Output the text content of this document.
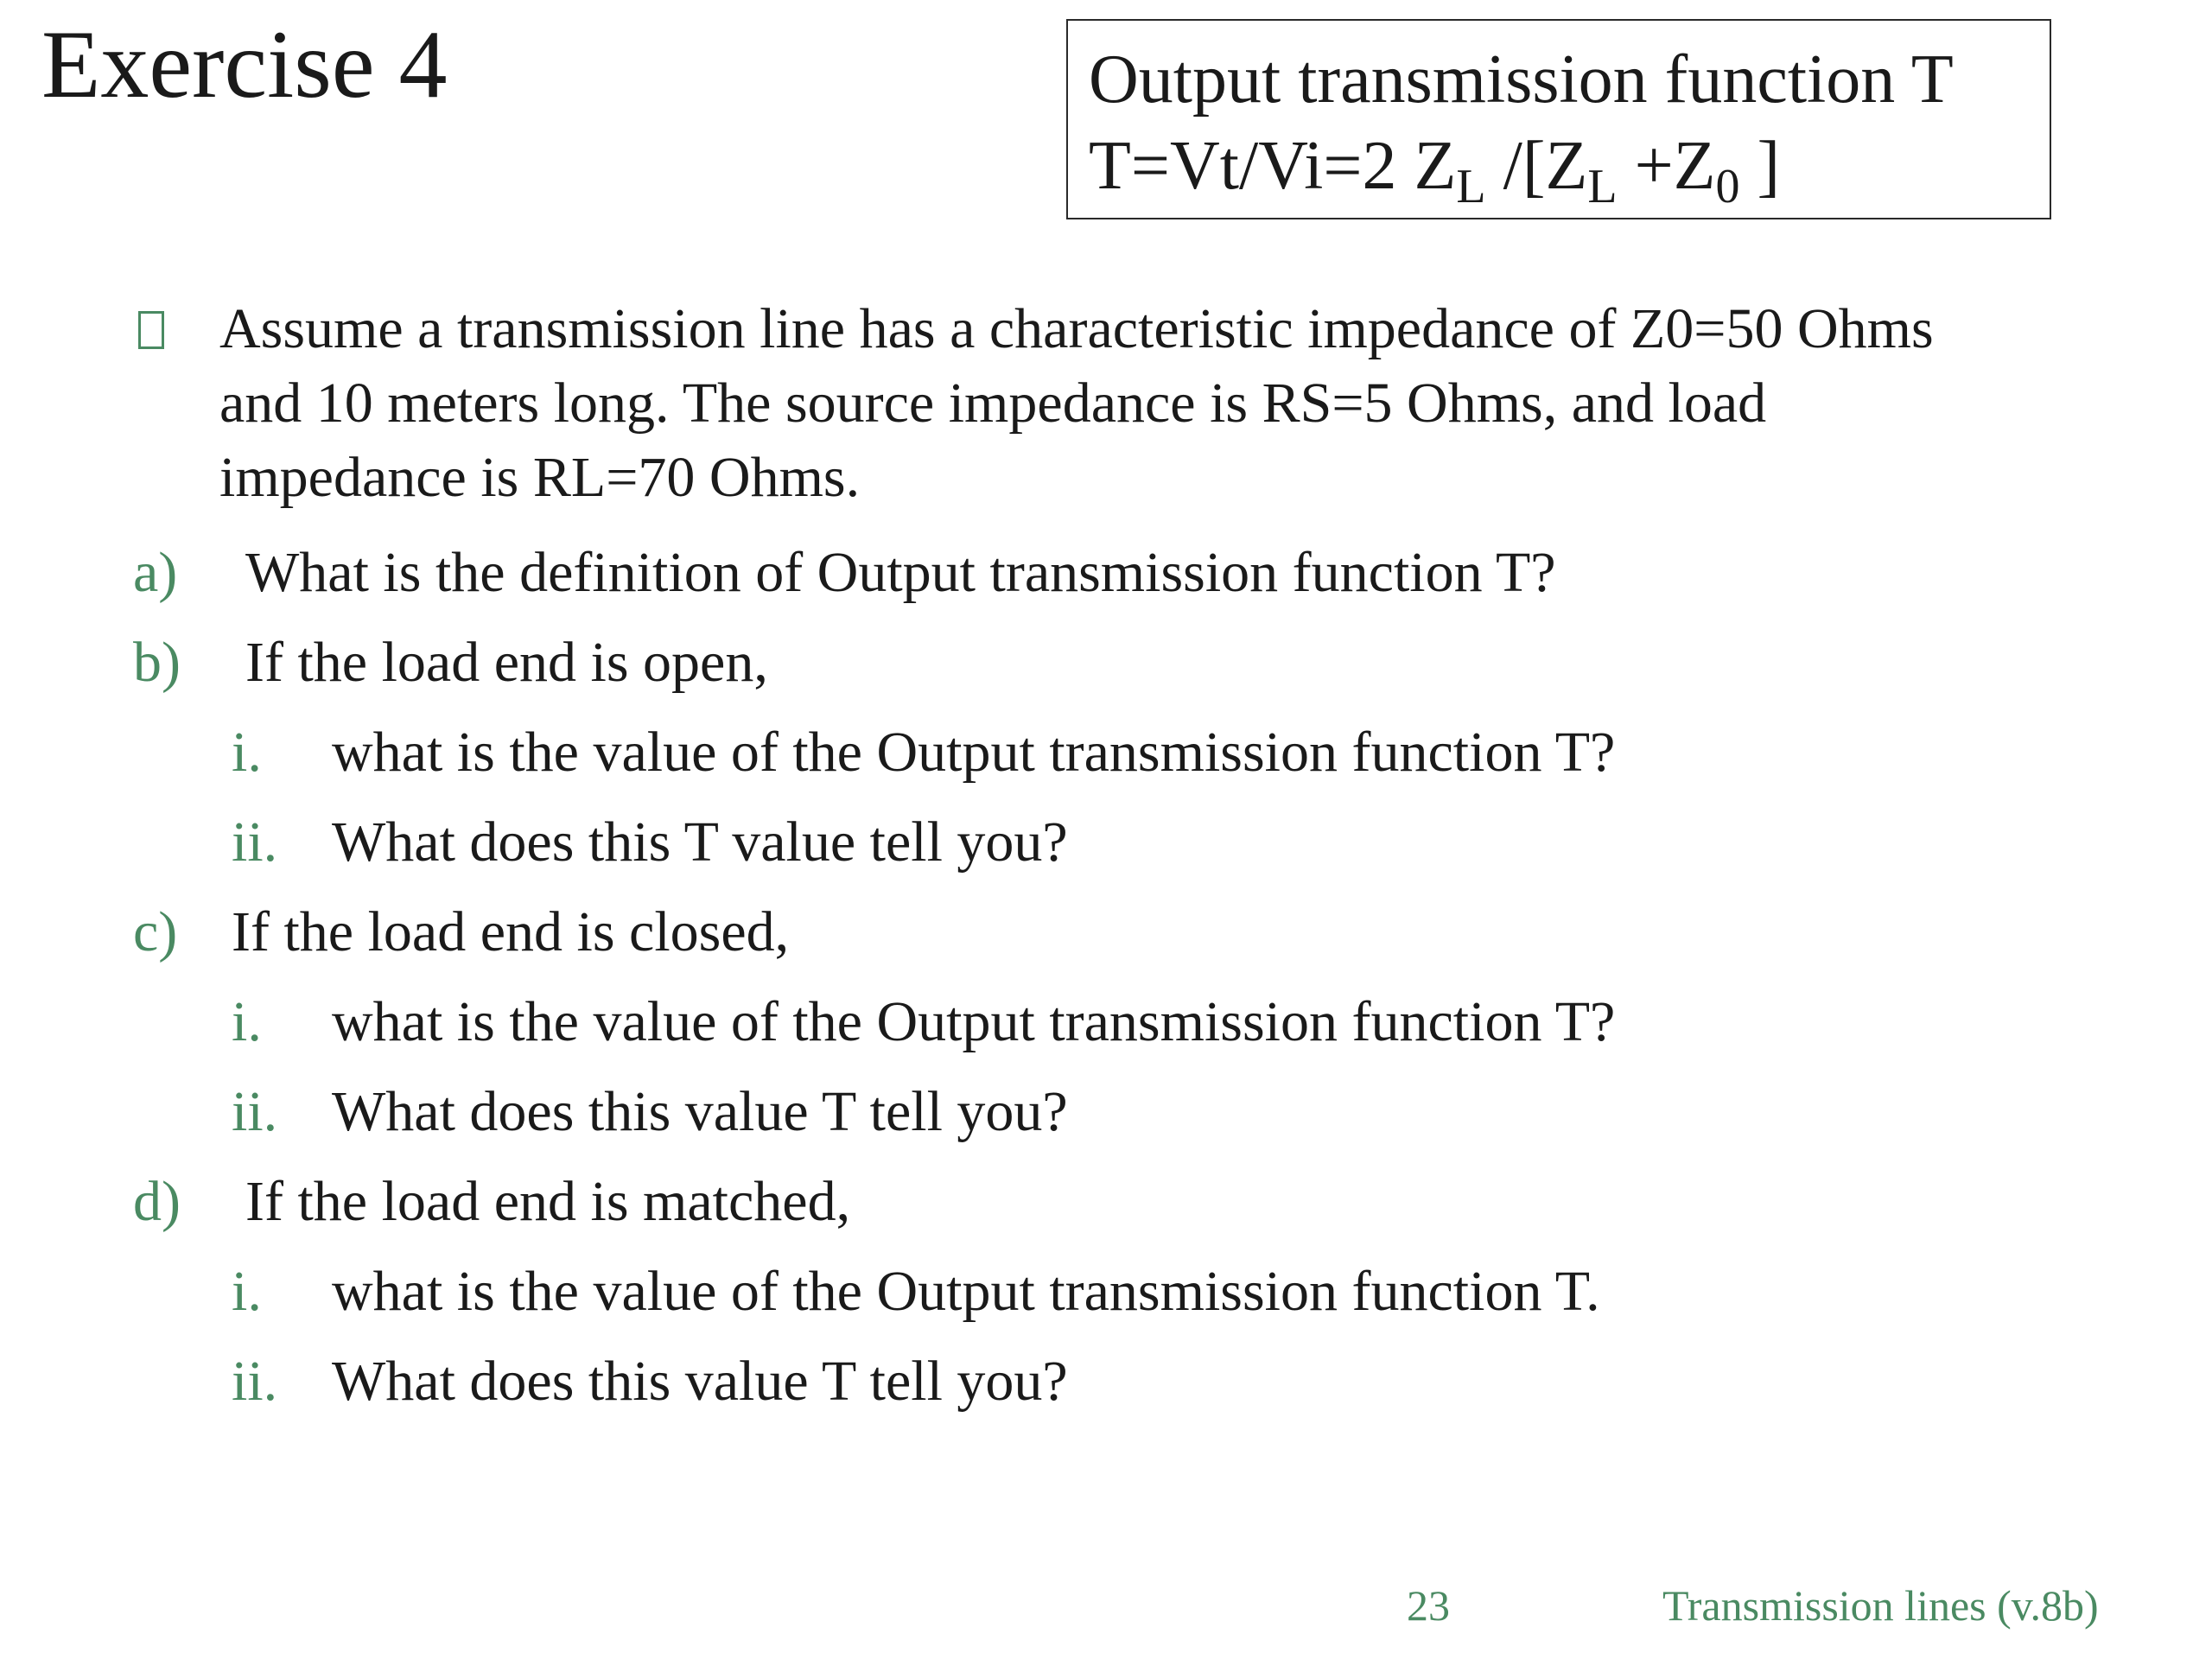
Exercise 4	Output transmission function T
T=Vt/Vi=2 $Z_L$ $/[Z_L +Z_0$ ]
Assume a transmission line has a characteristic impedance of Z0=50 Ohms and 10 meters long. The source impedance is RS=5 Ohms, and load impedance is RL=70 Ohms.
a) What is the definition of Output transmission function T?
b) If the load end is open,
i. what is the value of the Output transmission function T?
ii. What does this T value tell you?
c) If the load end is closed,
i. what is the value of the Output transmission function T?
ii. What does this value T tell you?
d) If the load end is matched,
i. what is the value of the Output transmission function T.
ii. What does this value T tell you?
23	Transmission lines (v.8b)
